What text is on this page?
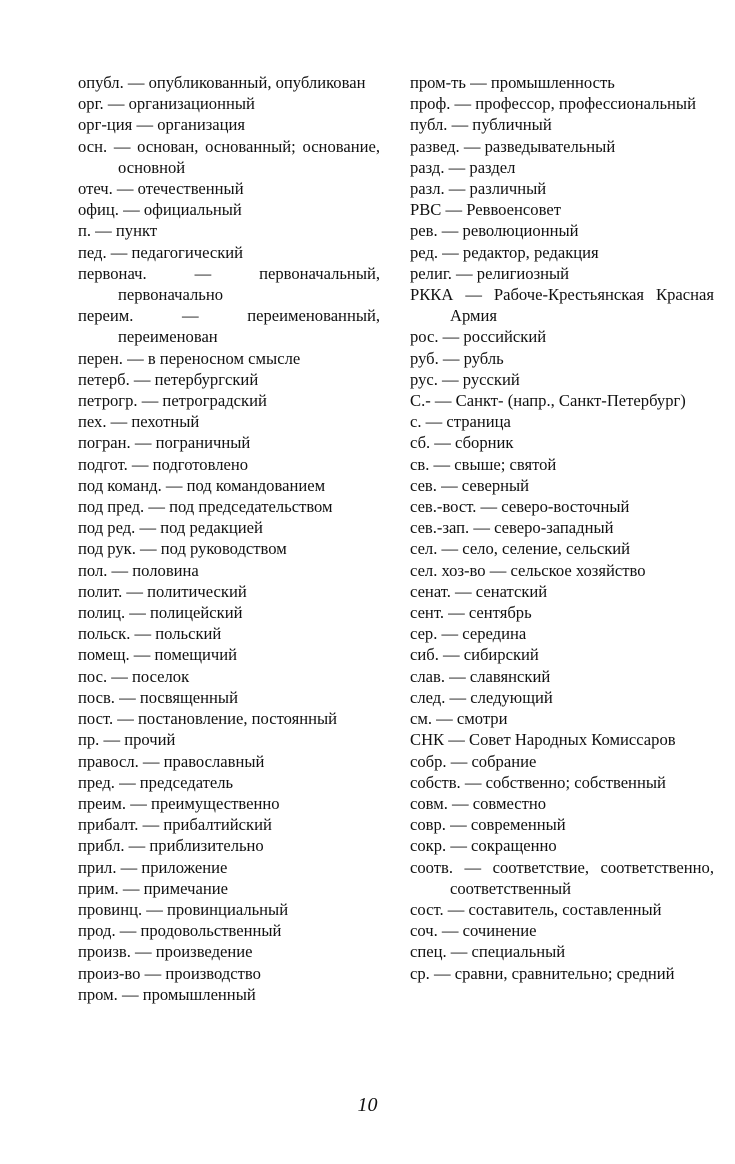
опубл. — опубликованный, опубликован

орг. — организационный

орг-ция — организация

осн. — основан, основанный; основание, основной

отеч. — отечественный

офиц. — официальный

п. — пункт

пед. — педагогический

первонач. — первоначальный, первоначально

переим. — переименованный, переименован

перен. — в переносном смысле

петерб. — петербургский

петрогр. — петроградский

пех. — пехотный

погран. — пограничный

подгот. — подготовлено

под команд. — под командованием

под пред. — под председательством

под ред. — под редакцией

под рук. — под руководством

пол. — половина

полит. — политический

полиц. — полицейский

польск. — польский

помещ. — помещичий

пос. — поселок

посв. — посвященный

пост. — постановление, постоянный

пр. — прочий

правосл. — православный

пред. — председатель

преим. — преимущественно

прибалт. — прибалтийский

прибл. — приблизительно

прил. — приложение

прим. — примечание

провинц. — провинциальный

прод. — продовольственный

произв. — произведение

произ-во — производство

пром. — промышленный

пром-ть — промышленность

проф. — профессор, профессиональный

публ. — публичный

развед. — разведывательный

разд. — раздел

разл. — различный

РВС — Реввоенсовет

рев. — революционный

ред. — редактор, редакция

религ. — религиозный

РККА — Рабоче-Крестьянская Красная Армия

рос. — российский

руб. — рубль

рус. — русский

С.- — Санкт- (напр., Санкт-Петербург)

с. — страница

сб. — сборник

св. — свыше; святой

сев. — северный

сев.-вост. — северо-восточный

сев.-зап. — северо-западный

сел. — село, селение, сельский

сел. хоз-во — сельское хозяйство

сенат. — сенатский

сент. — сентябрь

сер. — середина

сиб. — сибирский

слав. — славянский

след. — следующий

см. — смотри

СНК — Совет Народных Комиссаров

собр. — собрание

собств. — собственно; собственный

совм. — совместно

совр. — современный

сокр. — сокращенно

соотв. — соответствие, соответственно, соответственный

сост. — составитель, составленный

соч. — сочинение

спец. — специальный

ср. — сравни, сравнительно; средний

10
